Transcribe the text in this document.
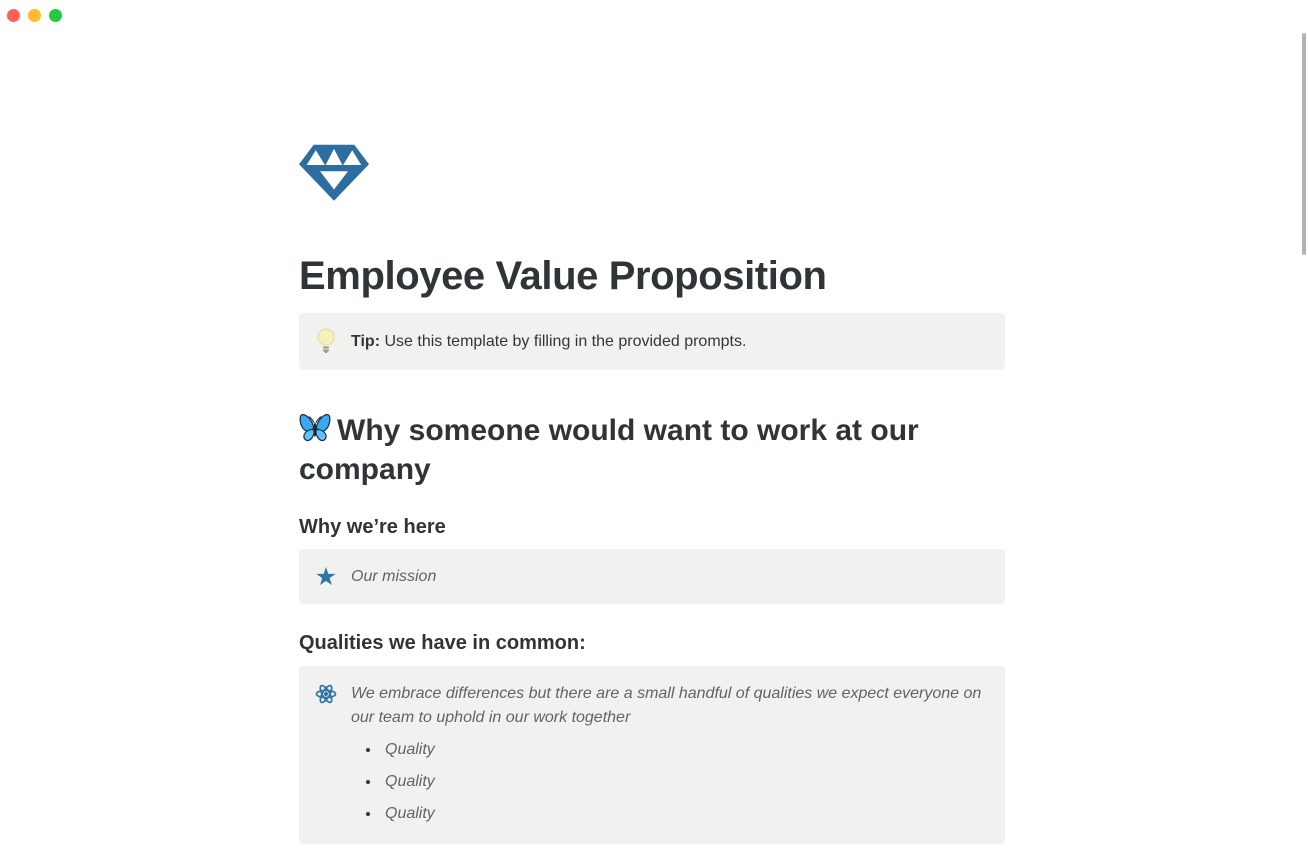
Employee Value Proposition
Tip: Use this template by filling in the provided prompts.
Why someone would want to work at our company
Why we’re here
★ Our mission
Qualities we have in common:
We embrace differences but there are a small handful of qualities we expect everyone on our team to uphold in our work together
• Quality
• Quality
• Quality
